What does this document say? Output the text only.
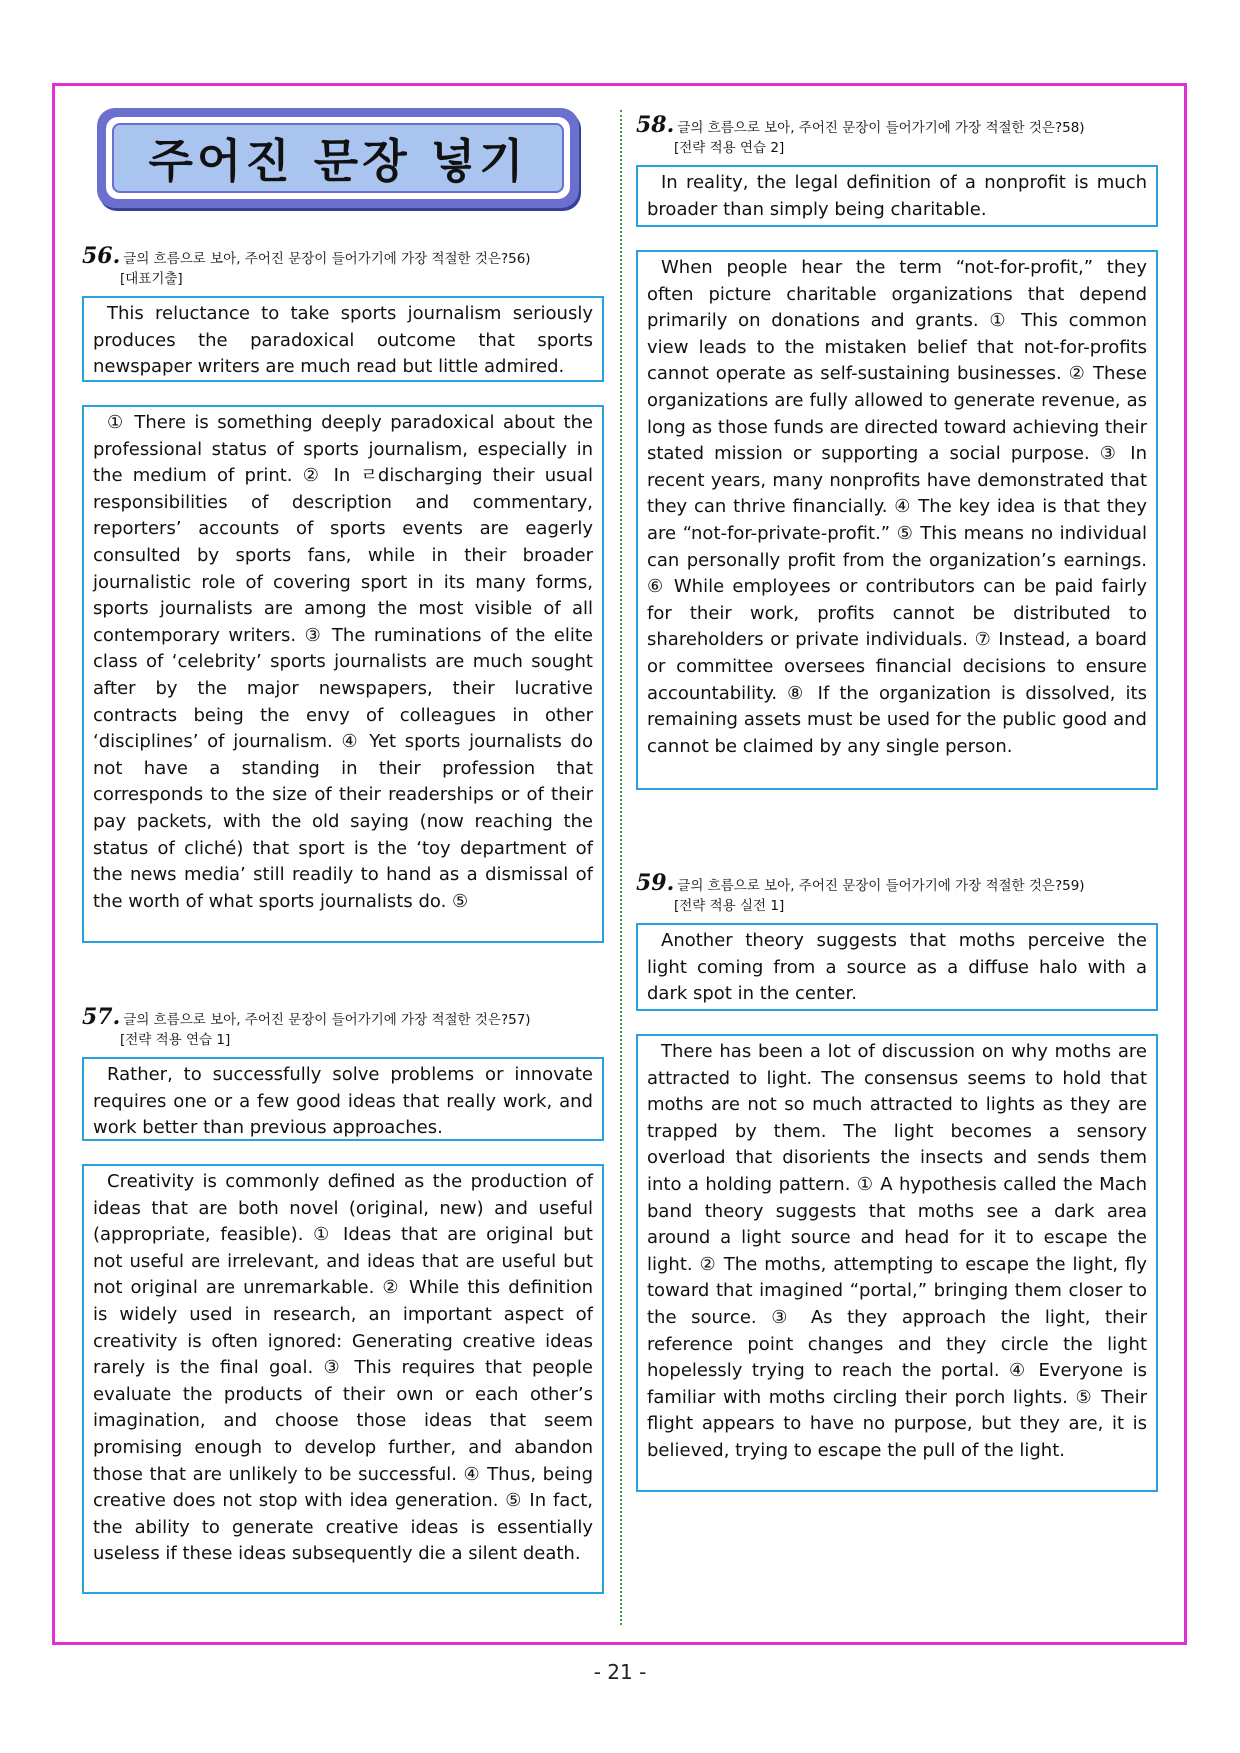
주어진 문장 넣기
56. 글의 흐름으로 보아, 주어진 문장이 들어가기에 가장 적절한 것은?56)
[대표기출]

This reluctance to take sports journalism seriously produces the paradoxical outcome that sports newspaper writers are much read but little admired.

① There is something deeply paradoxical about the professional status of sports journalism, especially in the medium of print. ② In ㄹdischarging their usual responsibilities of description and commentary, reporters’ accounts of sports events are eagerly consulted by sports fans, while in their broader journalistic role of covering sport in its many forms, sports journalists are among the most visible of all contemporary writers. ③ The ruminations of the elite class of ‘celebrity’ sports journalists are much sought after by the major newspapers, their lucrative contracts being the envy of colleagues in other ‘disciplines’ of journalism. ④ Yet sports journalists do not have a standing in their profession that corresponds to the size of their readerships or of their pay packets, with the old saying (now reaching the status of cliché) that sport is the ‘toy department of the news media’ still readily to hand as a dismissal of the worth of what sports journalists do. ⑤

57. 글의 흐름으로 보아, 주어진 문장이 들어가기에 가장 적절한 것은?57)
[전략 적용 연습 1]

Rather, to successfully solve problems or innovate requires one or a few good ideas that really work, and work better than previous approaches.

Creativity is commonly defined as the production of ideas that are both novel (original, new) and useful (appropriate, feasible). ① Ideas that are original but not useful are irrelevant, and ideas that are useful but not original are unremarkable. ② While this definition is widely used in research, an important aspect of creativity is often ignored: Generating creative ideas rarely is the final goal. ③ This requires that people evaluate the products of their own or each other’s imagination, and choose those ideas that seem promising enough to develop further, and abandon those that are unlikely to be successful. ④ Thus, being creative does not stop with idea generation. ⑤ In fact, the ability to generate creative ideas is essentially useless if these ideas subsequently die a silent death.

58. 글의 흐름으로 보아, 주어진 문장이 들어가기에 가장 적절한 것은?58)
[전략 적용 연습 2]

In reality, the legal definition of a nonprofit is much broader than simply being charitable.

When people hear the term “not-for-profit,” they often picture charitable organizations that depend primarily on donations and grants. ① This common view leads to the mistaken belief that not-for-profits cannot operate as self-sustaining businesses. ② These organizations are fully allowed to generate revenue, as long as those funds are directed toward achieving their stated mission or supporting a social purpose. ③ In recent years, many nonprofits have demonstrated that they can thrive financially. ④ The key idea is that they are “not-for-private-profit.” ⑤ This means no individual can personally profit from the organization’s earnings. ⑥ While employees or contributors can be paid fairly for their work, profits cannot be distributed to shareholders or private individuals. ⑦ Instead, a board or committee oversees financial decisions to ensure accountability. ⑧ If the organization is dissolved, its remaining assets must be used for the public good and cannot be claimed by any single person.

59. 글의 흐름으로 보아, 주어진 문장이 들어가기에 가장 적절한 것은?59)
[전략 적용 실전 1]

Another theory suggests that moths perceive the light coming from a source as a diffuse halo with a dark spot in the center.

There has been a lot of discussion on why moths are attracted to light. The consensus seems to hold that moths are not so much attracted to lights as they are trapped by them. The light becomes a sensory overload that disorients the insects and sends them into a holding pattern. ① A hypothesis called the Mach band theory suggests that moths see a dark area around a light source and head for it to escape the light. ② The moths, attempting to escape the light, fly toward that imagined “portal,” bringing them closer to the source. ③ As they approach the light, their reference point changes and they circle the light hopelessly trying to reach the portal. ④ Everyone is familiar with moths circling their porch lights. ⑤ Their flight appears to have no purpose, but they are, it is believed, trying to escape the pull of the light.

- 21 -
